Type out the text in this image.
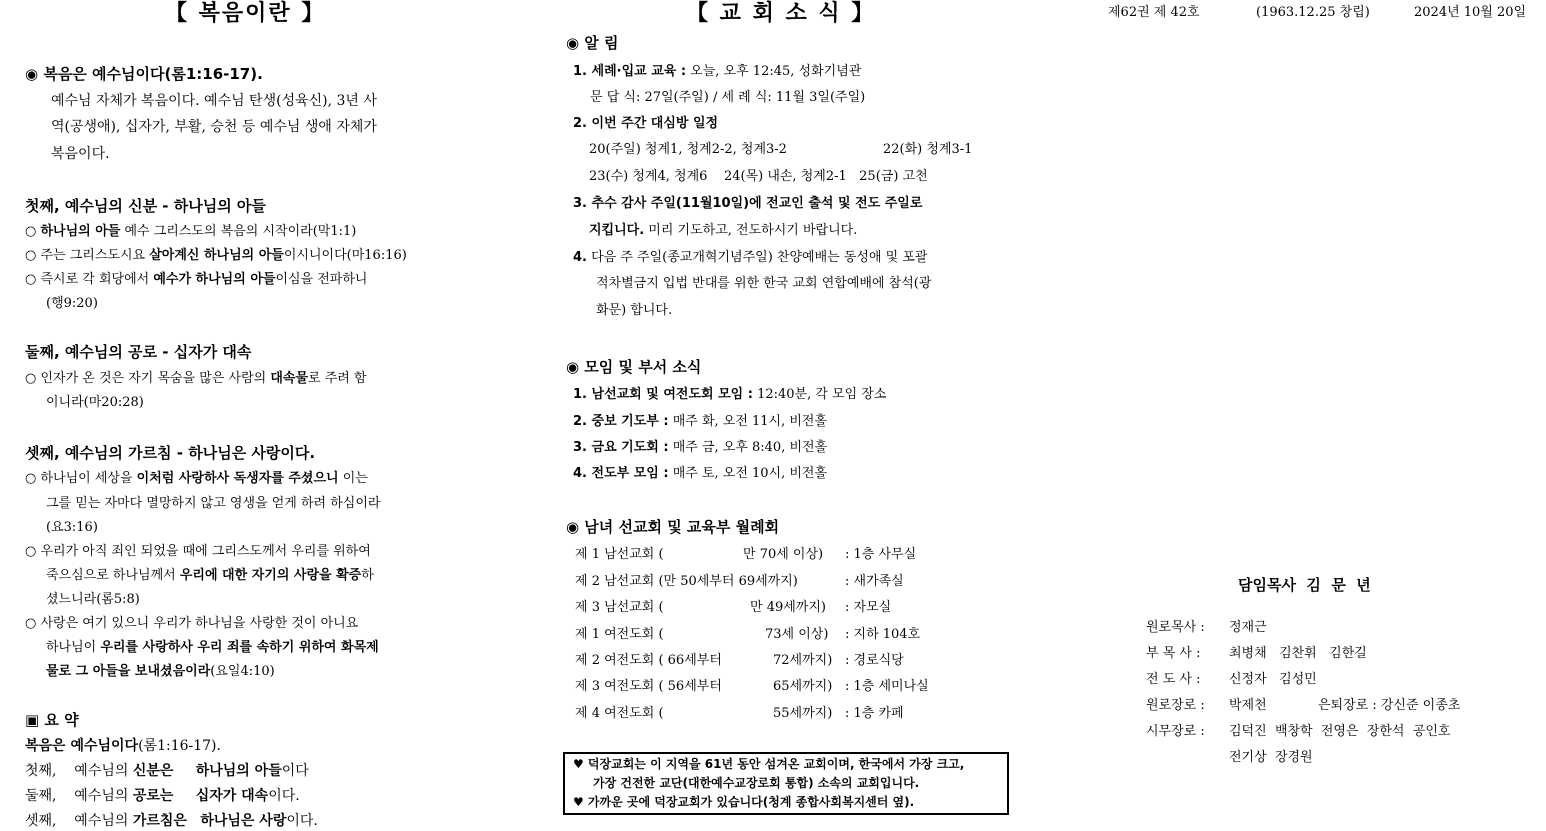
【 복음이란 】
◉ 복음은 예수님이다(롬1:16-17).
예수님 자체가 복음이다. 예수님 탄생(성육신), 3년 사
역(공생애), 십자가, 부활, 승천 등 예수님 생애 자체가
복음이다.
첫째, 예수님의 신분 - 하나님의 아들
○ 하나님의 아들 예수 그리스도의 복음의 시작이라(막1:1)
○ 주는 그리스도시요 살아계신 하나님의 아들이시니이다(마16:16)
○ 즉시로 각 회당에서 예수가 하나님의 아들이심을 전파하니
(행9:20)
둘째, 예수님의 공로 - 십자가 대속
○ 인자가 온 것은 자기 목숨을 많은 사람의 대속물로 주려 함
이니라(마20:28)
셋째, 예수님의 가르침 - 하나님은 사랑이다.
○ 하나님이 세상을 이처럼 사랑하사 독생자를 주셨으니 이는
그를 믿는 자마다 멸망하지 않고 영생을 얻게 하려 하심이라
(요3:16)
○ 우리가 아직 죄인 되었을 때에 그리스도께서 우리를 위하여
죽으심으로 하나님께서 우리에 대한 자기의 사랑을 확증하
셨느니라(롬5:8)
○ 사랑은 여기 있으니 우리가 하나님을 사랑한 것이 아니요
하나님이 우리를 사랑하사 우리 죄를 속하기 위하여 화목제
물로 그 아들을 보내셨음이라(요일4:10)
▣ 요 약
복음은 예수님이다(롬1:16-17).
첫째,    예수님의 신분은 하나님의 아들이다
둘째,    예수님의 공로는 십자가 대속이다.
셋째,    예수님의 가르침은 하나님은 사랑이다.
【 교 회 소 식 】
◉ 알 림
1. 세례·입교 교육 : 오늘, 오후 12:45, 성화기념관
문 답 식: 27일(주일) / 세 례 식: 11월 3일(주일)
2. 이번 주간 대심방 일정
20(주일) 청계1, 청계2-2, 청계3-2	22(화) 청계3-1
23(수) 청계4, 청계6    24(목) 내손, 청계2-1   25(금) 고천
3. 추수 감사 주일(11월10일)에 전교인 출석 및 전도 주일로
지킵니다. 미리 기도하고, 전도하시기 바랍니다.
4. 다음 주 주일(종교개혁기념주일) 찬양예배는 동성애 및 포괄
적차별금지 입법 반대를 위한 한국 교회 연합예배에 참석(광
화문) 합니다.
◉ 모임 및 부서 소식
1. 남선교회 및 여전도회 모임 : 12:40분, 각 모임 장소
2. 중보 기도부 : 매주 화, 오전 11시, 비전홀
3. 금요 기도회 : 매주 금, 오후 8:40, 비전홀
4. 전도부 모임 : 매주 토, 오전 10시, 비전홀
◉ 남녀 선교회 및 교육부 월례회
제 1 남선교회 (	만 70세 이상) : 1층 사무실
제 2 남선교회 (만 50세부터 69세까지)	: 새가족실
제 3 남선교회 (	만 49세까지) : 자모실
제 1 여전도회 (	73세 이상) : 지하 104호
제 2 여전도회 ( 66세부터	72세까지) : 경로식당
제 3 여전도회 ( 56세부터	65세까지) : 1층 세미나실
제 4 여전도회 (	55세까지) : 1층 카페
♥ 덕장교회는 이 지역을 61년 동안 섬겨온 교회이며, 한국에서 가장 크고,
가장 건전한 교단(대한예수교장로회 통합) 소속의 교회입니다.
♥ 가까운 곳에 덕장교회가 있습니다(청계 종합사회복지센터 옆).
제62권 제 42호	(1963.12.25 창립)	2024년 10월 20일
담임목사  김  문  년
원로목사 : 정재근
부 목 사 : 최병채   김찬휘   김한길
전 도 사 : 신정자   김성민
원로장로 : 박제천	은퇴장로 : 강신준 이종초
시무장로 : 김덕진  백창학  전영은  장한석  공인호
전기상  장경원
